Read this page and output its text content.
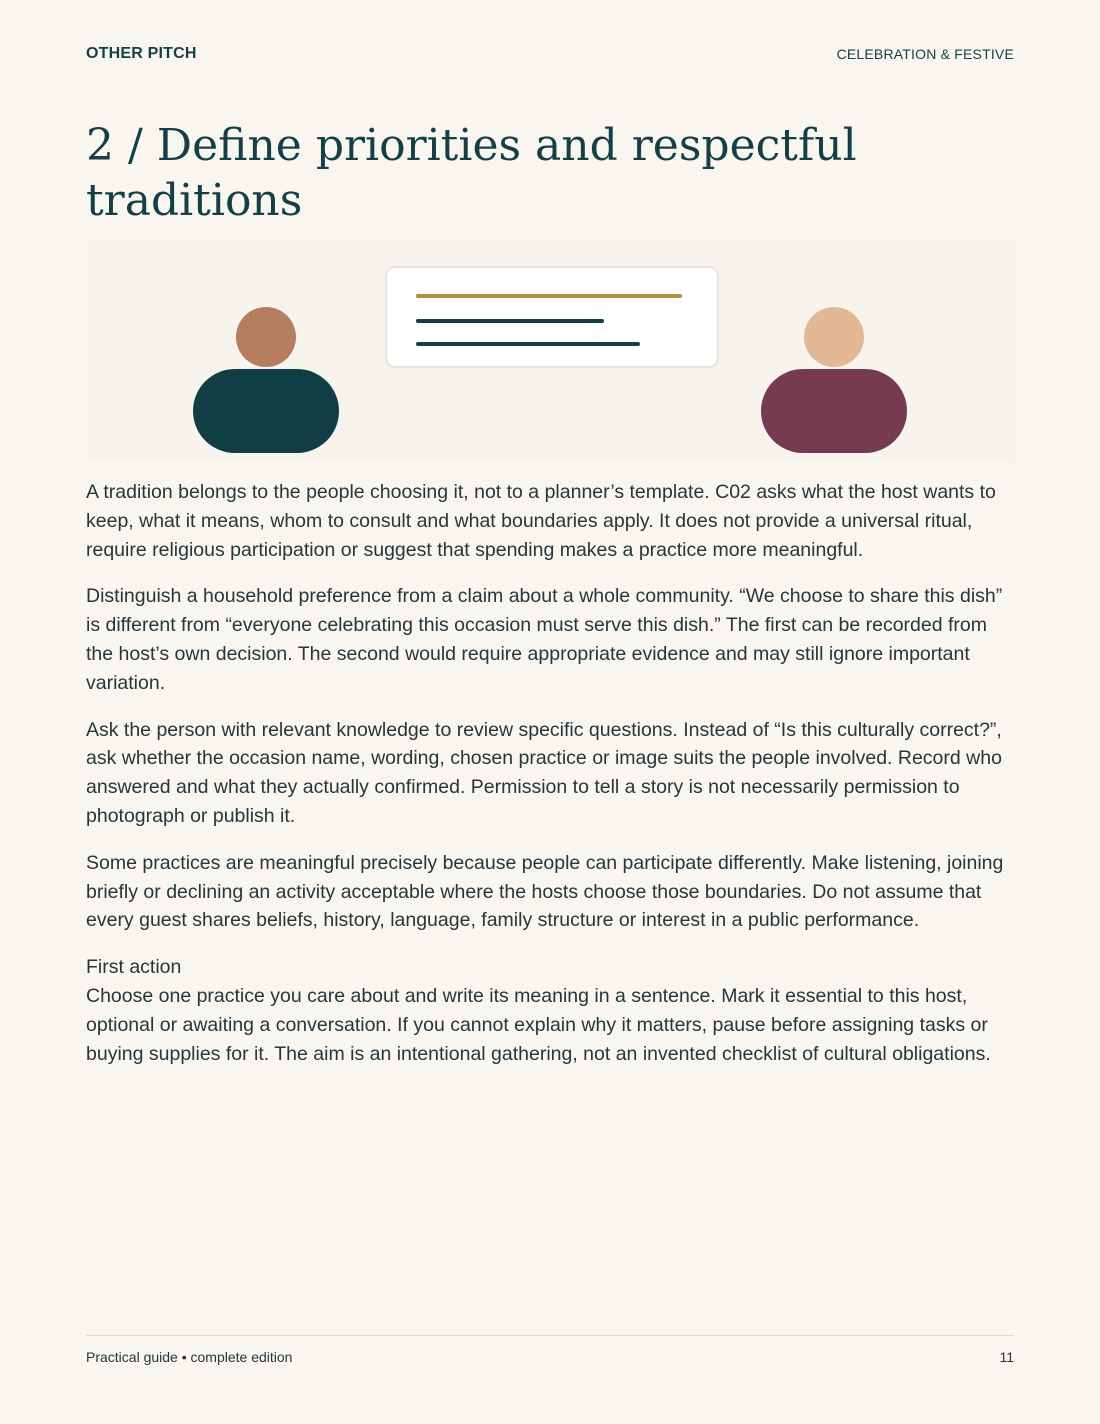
OTHER PITCH	CELEBRATION & FESTIVE
2 / Define priorities and respectful traditions

A tradition belongs to the people choosing it, not to a planner’s template. C02 asks what the host wants to keep, what it means, whom to consult and what boundaries apply. It does not provide a universal ritual, require religious participation or suggest that spending makes a practice more meaningful.

Distinguish a household preference from a claim about a whole community. “We choose to share this dish” is different from “everyone celebrating this occasion must serve this dish.” The first can be recorded from the host’s own decision. The second would require appropriate evidence and may still ignore important variation.

Ask the person with relevant knowledge to review specific questions. Instead of “Is this culturally correct?”, ask whether the occasion name, wording, chosen practice or image suits the people involved. Record who answered and what they actually confirmed. Permission to tell a story is not necessarily permission to photograph or publish it.

Some practices are meaningful precisely because people can participate differently. Make listening, joining briefly or declining an activity acceptable where the hosts choose those boundaries. Do not assume that every guest shares beliefs, history, language, family structure or interest in a public performance.

First action
Choose one practice you care about and write its meaning in a sentence. Mark it essential to this host, optional or awaiting a conversation. If you cannot explain why it matters, pause before assigning tasks or buying supplies for it. The aim is an intentional gathering, not an invented checklist of cultural obligations.

Practical guide • complete edition	11
